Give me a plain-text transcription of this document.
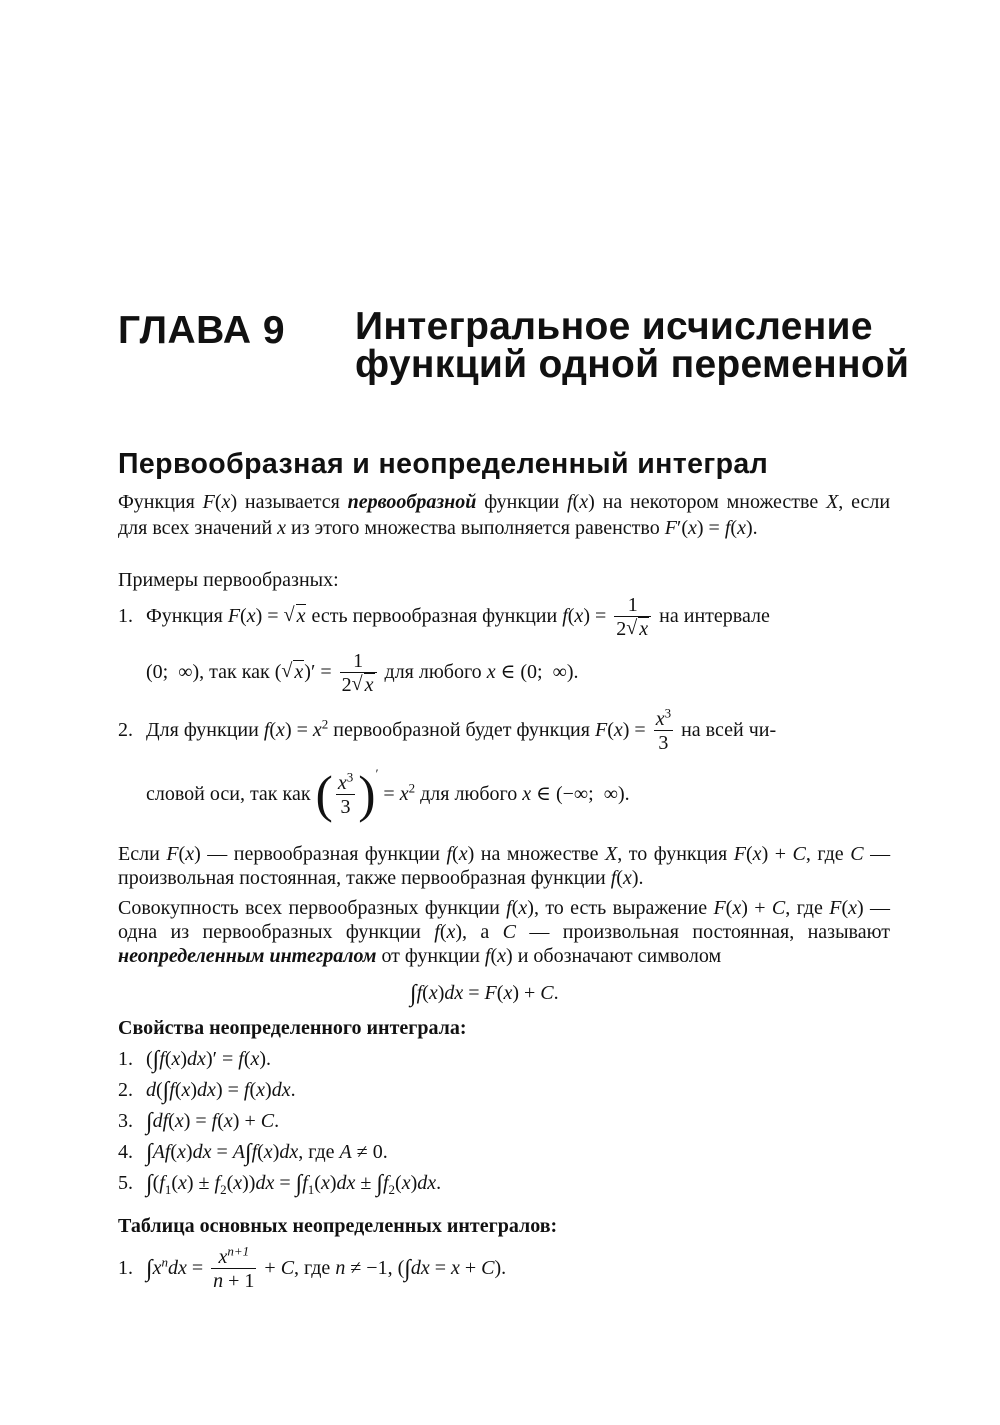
ГЛАВА 9 Интегральное исчисление функций одной переменной
Первообразная и неопределенный интеграл
Функция F(x) называется первообразной функции f(x) на некотором множестве X, если для всех значений x из этого множества выполняется равенство F′(x) = f(x).
Примеры первообразных:
1. Функция F(x) = √ x есть первообразная функции $f(x) = \frac{1}{2 √ x}$ на интервале
(0;  ∞), так как ( √ $x)' = \frac{1}{2 √ x}$ для любого x ∈ (0;  ∞).
2. Для функции $f(x) = x^2$ первообразной будет функция $F(x) = \frac{x^3}{3}$ на всей чи-
словой оси, так как ( $\frac{x^3}{3} )' = x^2$ для любого x ∈ (−∞;  ∞).
Если F(x) — первообразная функции f(x) на множестве X, то функция F(x) + C, где C — произвольная постоянная, также первообразная функции f(x).
Совокупность всех первообразных функции f(x), то есть выражение F(x) + C, где F(x) — одна из первообразных функции f(x), а C — произвольная постоянная, называют неопределенным интегралом от функции f(x) и обозначают символом
∫f(x)dx = F(x) + C.
Свойства неопределенного интеграла:
1. (∫f(x)dx)′ = f(x).
2. d(∫f(x)dx) = f(x)dx.
3. ∫df(x) = f(x) + C.
4. ∫Af(x)dx = A∫f(x)dx, где A ≠ 0.
5. $\int(f_1(x) \pm f_2(x))dx = \int f_1(x)dx \pm \int f_2(x)dx$.
Таблица основных неопределенных интегралов:
1. $\int x^ndx = \frac{x^{n+1}}{n + 1} + C$, где n ≠ −1, (∫dx = x + C).
